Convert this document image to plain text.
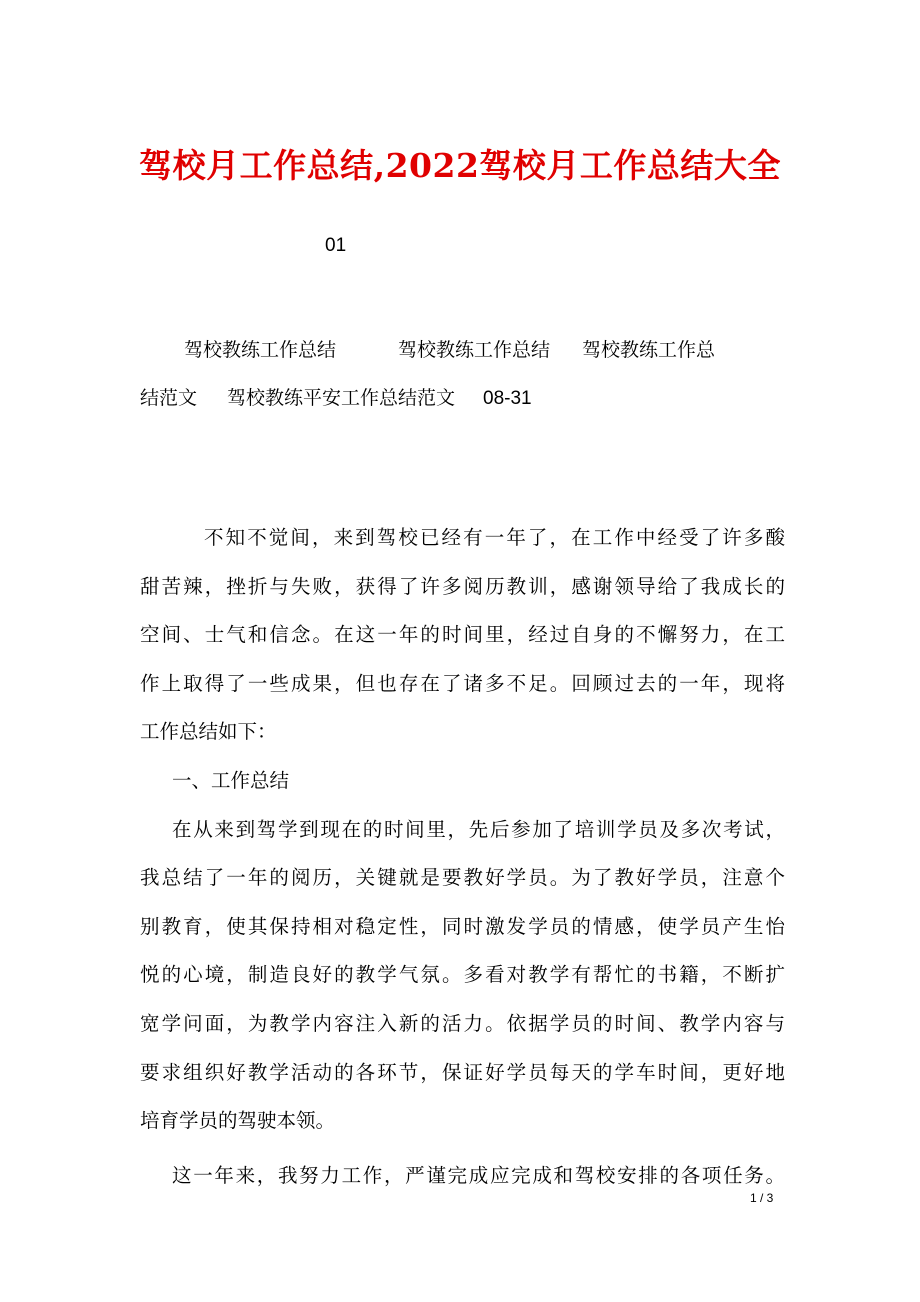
驾校月工作总结,2022驾校月工作总结大全
01
驾校教练工作总结	驾校教练工作总结 驾校教练工作总
结范文 驾校教练平安工作总结范文 08-31
不知不觉间，来到驾校已经有一年了，在工作中经受了许多酸
甜苦辣，挫折与失败，获得了许多阅历教训，感谢领导给了我成长的
空间、士气和信念。在这一年的时间里，经过自身的不懈努力，在工
作上取得了一些成果，但也存在了诸多不足。回顾过去的一年，现将
工作总结如下：
一、工作总结
在从来到驾学到现在的时间里，先后参加了培训学员及多次考试，
我总结了一年的阅历，关键就是要教好学员。为了教好学员，注意个
别教育，使其保持相对稳定性，同时激发学员的情感，使学员产生怡
悦的心境，制造良好的教学气氛。多看对教学有帮忙的书籍，不断扩
宽学问面，为教学内容注入新的活力。依据学员的时间、教学内容与
要求组织好教学活动的各环节，保证好学员每天的学车时间，更好地
培育学员的驾驶本领。
这一年来，我努力工作，严谨完成应完成和驾校安排的各项任务。
1 / 3
